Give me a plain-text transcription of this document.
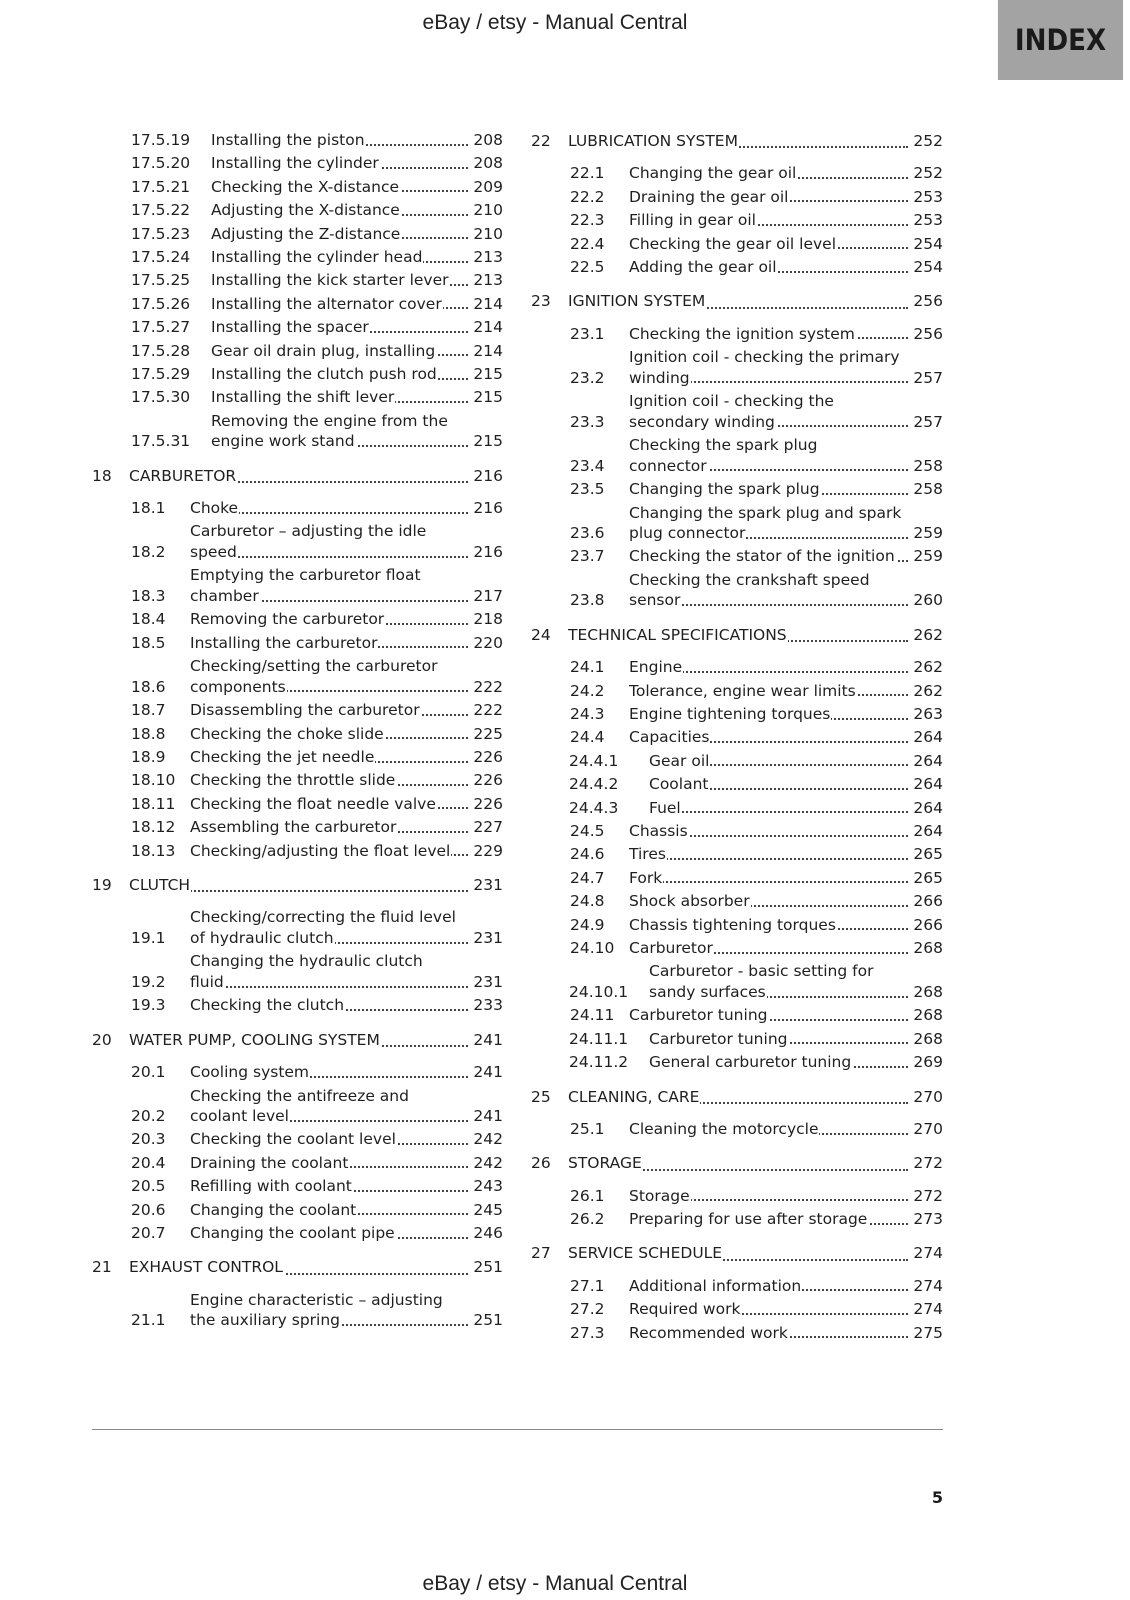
eBay / etsy - Manual Central
INDEX
17.5.19	Installing the piston	208
17.5.20	Installing the cylinder	208
17.5.21	Checking the X-distance	209
17.5.22	Adjusting the X-distance	210
17.5.23	Adjusting the Z-distance	210
17.5.24	Installing the cylinder head	213
17.5.25	Installing the kick starter lever	213
17.5.26	Installing the alternator cover	214
17.5.27	Installing the spacer	214
17.5.28	Gear oil drain plug, installing	214
17.5.29	Installing the clutch push rod	215
17.5.30	Installing the shift lever	215
17.5.31
Removing the engine from the
engine work stand	215
18	CARBURETOR	216
18.1	Choke	216
18.2
Carburetor – adjusting the idle
speed	216
18.3
Emptying the carburetor float
chamber	217
18.4	Removing the carburetor	218
18.5	Installing the carburetor	220
18.6
Checking/setting the carburetor
components	222
18.7	Disassembling the carburetor	222
18.8	Checking the choke slide	225
18.9	Checking the jet needle	226
18.10 Checking the throttle slide	226
18.11 Checking the float needle valve	226
18.12 Assembling the carburetor	227
18.13 Checking/adjusting the float level	229
19	CLUTCH	231
19.1
Checking/correcting the fluid level
of hydraulic clutch	231
19.2
Changing the hydraulic clutch
fluid	231
19.3	Checking the clutch	233
20	WATER PUMP, COOLING SYSTEM	241
20.1	Cooling system	241
20.2
Checking the antifreeze and
coolant level	241
20.3	Checking the coolant level	242
20.4	Draining the coolant	242
20.5	Refilling with coolant	243
20.6	Changing the coolant	245
20.7	Changing the coolant pipe	246
21	EXHAUST CONTROL	251
21.1
Engine characteristic – adjusting
the auxiliary spring	251
22	LUBRICATION SYSTEM	252
22.1	Changing the gear oil	252
22.2	Draining the gear oil	253
22.3	Filling in gear oil	253
22.4	Checking the gear oil level	254
22.5	Adding the gear oil	254
23	IGNITION SYSTEM	256
23.1	Checking the ignition system	256
23.2
Ignition coil - checking the primary
winding	257
23.3
Ignition coil - checking the
secondary winding	257
23.4
Checking the spark plug
connector	258
23.5	Changing the spark plug	258
23.6
Changing the spark plug and spark
plug connector	259
23.7	Checking the stator of the ignition	259
23.8
Checking the crankshaft speed
sensor	260
24	TECHNICAL SPECIFICATIONS	262
24.1	Engine	262
24.2	Tolerance, engine wear limits	262
24.3	Engine tightening torques	263
24.4	Capacities	264
24.4.1	Gear oil	264
24.4.2	Coolant	264
24.4.3	Fuel	264
24.5	Chassis	264
24.6	Tires	265
24.7	Fork	265
24.8	Shock absorber	266
24.9	Chassis tightening torques	266
24.10 Carburetor	268
24.10.1
Carburetor - basic setting for
sandy surfaces	268
24.11 Carburetor tuning	268
24.11.1	Carburetor tuning	268
24.11.2	General carburetor tuning	269
25	CLEANING, CARE	270
25.1	Cleaning the motorcycle	270
26	STORAGE	272
26.1	Storage	272
26.2	Preparing for use after storage	273
27	SERVICE SCHEDULE	274
27.1	Additional information	274
27.2	Required work	274
27.3	Recommended work	275
5
eBay / etsy - Manual Central
